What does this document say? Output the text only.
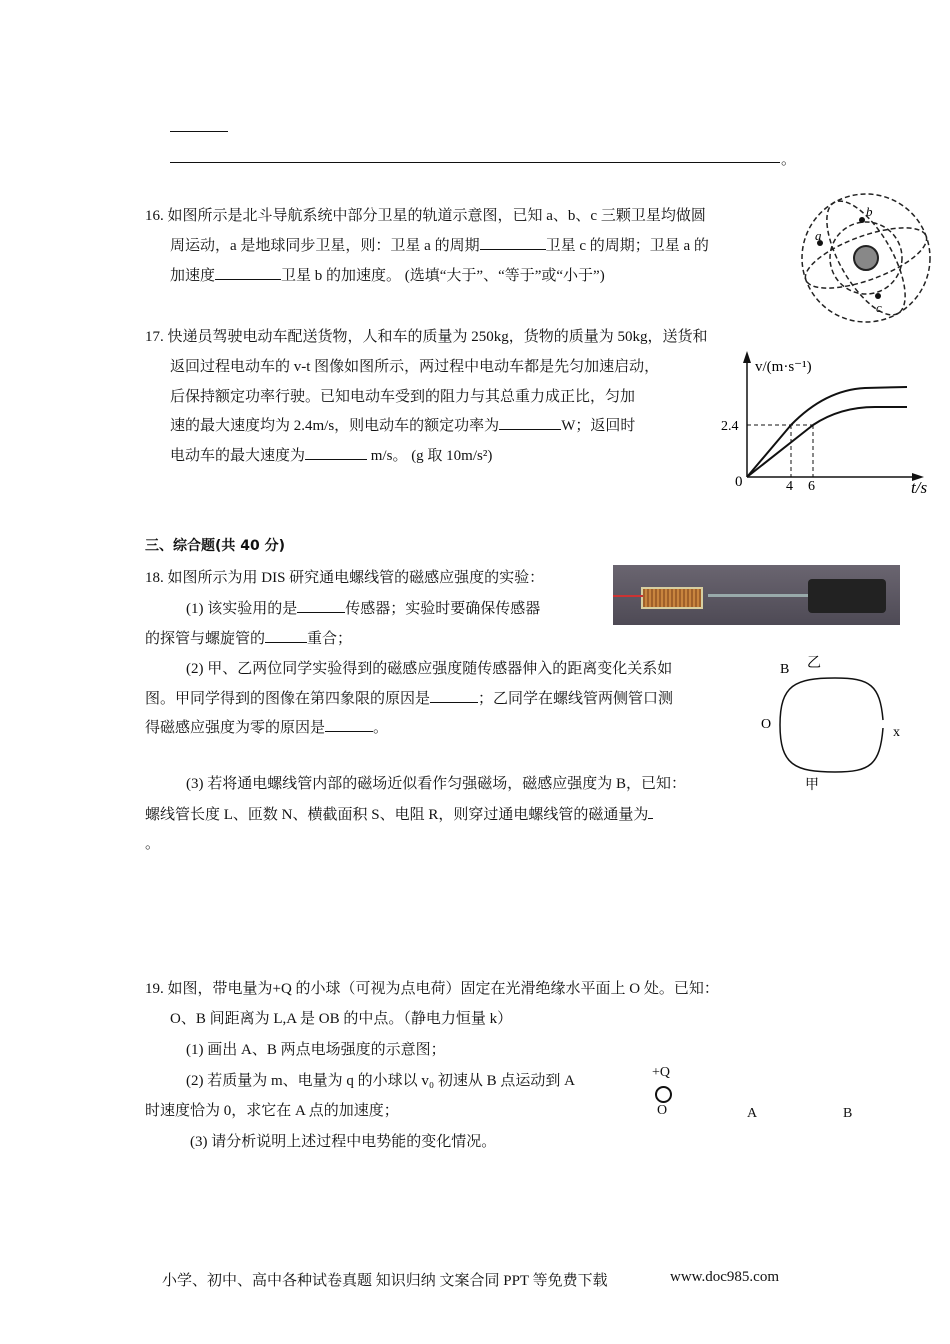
。
16. 如图所示是北斗导航系统中部分卫星的轨道示意图，已知 a、b、c 三颗卫星均做圆
周运动，a 是地球同步卫星，则：卫星 a 的周期	卫星 c 的周期；卫星 a 的
加速度	卫星 b 的加速度。 (选填“大于”、“等于”或“小于”)
a
b
c
17. 快递员驾驶电动车配送货物，人和车的质量为 250kg，货物的质量为 50kg，送货和
返回过程电动车的 v-t 图像如图所示，两过程中电动车都是先匀加速启动，
后保持额定功率行驶。已知电动车受到的阻力与其总重力成正比，匀加
速的最大速度均为 2.4m/s，则电动车的额定功率为	W；返回时
电动车的最大速度为	m/s。 (g 取 10m/s²)
v/(m·s⁻¹)
t/s
0
2.4
4 6
三、综合题(共 40 分)
18. 如图所示为用 DIS 研究通电螺线管的磁感应强度的实验：
(1) 该实验用的是	传感器；实验时要确保传感器
的探管与螺旋管的	重合；
(2) 甲、乙两位同学实验得到的磁感应强度随传感器伸入的距离变化关系如
图。甲同学得到的图像在第四象限的原因是	；乙同学在螺线管两侧管口测
得磁感应强度为零的原因是	。
B 乙
O
x
甲
(3) 若将通电螺线管内部的磁场近似看作匀强磁场，磁感应强度为 B，已知：
螺线管长度 L、匝数 N、横截面积 S、电阻 R，则穿过通电螺线管的磁通量为
。
19. 如图，带电量为+Q 的小球（可视为点电荷）固定在光滑绝缘水平面上 O 处。已知：
O、B 间距离为 L,A 是 OB 的中点。（静电力恒量 k）
(1) 画出 A、B 两点电场强度的示意图；
(2) 若质量为 m、电量为 q 的小球以 v₀ 初速从 B 点运动到 A
时速度恰为 0，求它在 A 点的加速度；
(3) 请分析说明上述过程中电势能的变化情况。
+Q
O	A	B
小学、初中、高中各种试卷真题 知识归纳 文案合同 PPT 等免费下载	www.doc985.com
